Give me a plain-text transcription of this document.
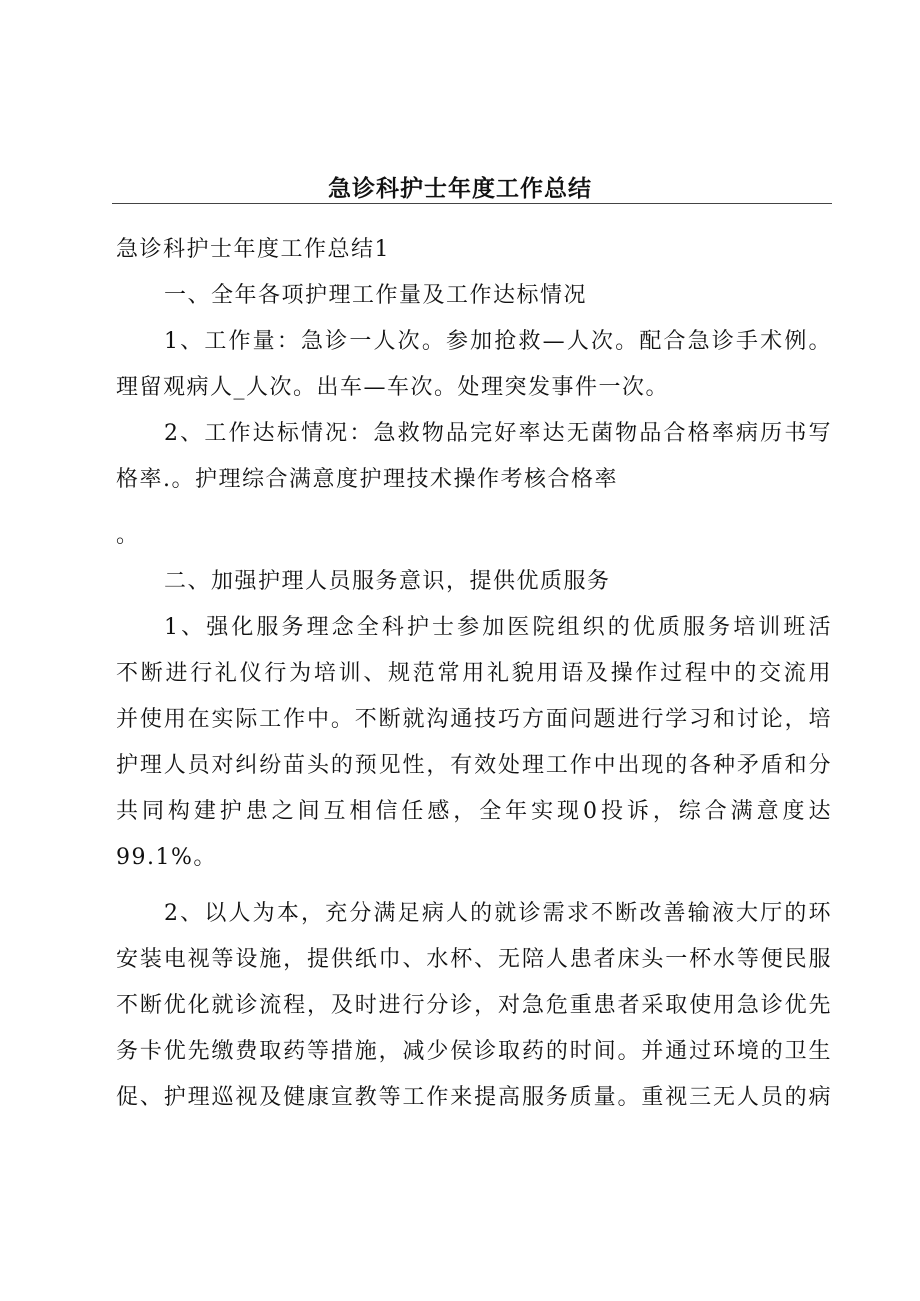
急诊科护士年度工作总结
急诊科护士年度工作总结1
一、全年各项护理工作量及工作达标情况
1、工作量：急诊一人次。参加抢救—人次。配合急诊手术例。
理留观病人_人次。出车—车次。处理突发事件一次。
2、工作达标情况：急救物品完好率达无菌物品合格率病历书写
格率.。护理综合满意度护理技术操作考核合格率
。
二、加强护理人员服务意识，提供优质服务
1、强化服务理念全科护士参加医院组织的优质服务培训班活
不断进行礼仪行为培训、规范常用礼貌用语及操作过程中的交流用
并使用在实际工作中。不断就沟通技巧方面问题进行学习和讨论，培
护理人员对纠纷苗头的预见性，有效处理工作中出现的各种矛盾和分
共同构建护患之间互相信任感，全年实现0投诉，综合满意度达
99.1%。
2、以人为本，充分满足病人的就诊需求不断改善输液大厅的环
安装电视等设施，提供纸巾、水杯、无陪人患者床头一杯水等便民服
不断优化就诊流程，及时进行分诊，对急危重患者采取使用急诊优先
务卡优先缴费取药等措施，减少侯诊取药的时间。并通过环境的卫生
促、护理巡视及健康宣教等工作来提高服务质量。重视三无人员的病
